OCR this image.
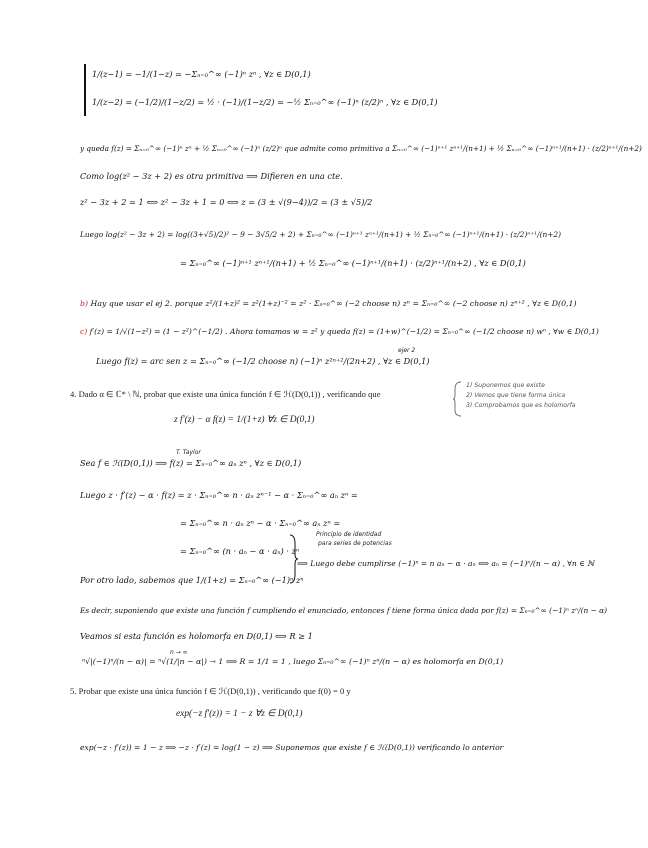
1/(z−1) = −1/(1−z) = −Σₙ₌₀^∞ (−1)ⁿ zⁿ , ∀z ∈ D(0,1)
1/(z−2) = (−1/2)/(1−z/2) = ½ · (−1)/(1−z/2) = −½ Σₙ₌₀^∞ (−1)ⁿ (z/2)ⁿ , ∀z ∈ D(0,1)
y queda f(z) = Σₙ₌₀^∞ (−1)ⁿ zⁿ + ½ Σₙ₌₀^∞ (−1)ⁿ (z/2)ⁿ que admite como primitiva a Σₙ₌₀^∞ (−1)ⁿ⁺¹ zⁿ⁺¹/(n+1) + ½ Σₙ₌₀^∞ (−1)ⁿ⁺¹/(n+1) · (z/2)ⁿ⁺¹/(n+2)
Como log(z² − 3z + 2) es otra primitiva ⟹ Difieren en una cte.
z² − 3z + 2 = 1 ⟺ z² − 3z + 1 = 0 ⟺ z = (3 ± √(9−4))/2 = (3 ± √5)/2
Luego log(z² − 3z + 2) = log((3+√5)/2)² − 9 − 3√5/2 + 2) + Σₙ₌₀^∞ (−1)ⁿ⁺¹ zⁿ⁺¹/(n+1) + ½ Σₙ₌₀^∞ (−1)ⁿ⁺¹/(n+1) · (z/2)ⁿ⁺¹/(n+2)
= Σₙ₌₀^∞ (−1)ⁿ⁺¹ zⁿ⁺¹/(n+1) + ½ Σₙ₌₀^∞ (−1)ⁿ⁺¹/(n+1) · (z/2)ⁿ⁺¹/(n+2) , ∀z ∈ D(0,1)
b) Hay que usar el ej 2. porque z²/(1+z)² = z²(1+z)⁻² = z² · Σₙ₌₀^∞ (−2 choose n) zⁿ = Σₙ₌₀^∞ (−2 choose n) zⁿ⁺² , ∀z ∈ D(0,1)
c) f′(z) = 1/√(1−z²) = (1 − z²)^(−1/2) . Ahora tomamos w = z² y queda f(z) = (1+w)^(−1/2) = Σₙ₌₀^∞ (−1/2 choose n) wⁿ , ∀w ∈ D(0,1)
Luego f(z) = arc sen z = Σₙ₌₀^∞ (−1/2 choose n) (−1)ⁿ z²ⁿ⁺²/(2n+2) , ∀z ∈ D(0,1)
ejer 2
4. Dado α ∈ ℂ* \ ℕ, probar que existe una única función f ∈ ℋ(D(0,1)) , verificando que
z f′(z) − α f(z) = 1/(1+z) ∀z ∈ D(0,1)
1) Suponemos que existe
2) Vemos que tiene forma única
3) Comprobamos que es holomorfa
Sea f ∈ ℋ(D(0,1)) ⟹ f(z) = Σₙ₌₀^∞ aₙ zⁿ , ∀z ∈ D(0,1)
T. Taylor
Luego z · f′(z) − α · f(z) = z · Σₙ₌₀^∞ n · aₙ zⁿ⁻¹ − α · Σₙ₌₀^∞ aₙ zⁿ =
= Σₙ₌₀^∞ n · aₙ zⁿ − α · Σₙ₌₀^∞ aₙ zⁿ =
= Σₙ₌₀^∞ (n · aₙ − α · aₙ) · zⁿ
Principio de identidad
para series de potencias
⟹ Luego debe cumplirse (−1)ⁿ = n aₙ − α · aₙ ⟺ aₙ = (−1)ⁿ/(n − α) , ∀n ∈ ℕ
Por otro lado, sabemos que 1/(1+z) = Σₙ₌₀^∞ (−1)ⁿ zⁿ
Es decir, suponiendo que existe una función f cumpliendo el enunciado, entonces f tiene forma única dada por f(z) = Σₙ₌₀^∞ (−1)ⁿ zⁿ/(n − α)
Veamos si esta función es holomorfa en D(0,1) ⟺ R ≥ 1
ⁿ√|(−1)ⁿ/(n − α)| = ⁿ√(1/|n − α|) → 1 ⟹ R = 1/1 = 1 , luego Σₙ₌₀^∞ (−1)ⁿ zⁿ/(n − α) es holomorfa en D(0,1)
n → ∞
5. Probar que existe una única función f ∈ ℋ(D(0,1)) , verificando que f(0) = 0 y
exp(−z f′(z)) = 1 − z ∀z ∈ D(0,1)
exp(−z · f′(z)) = 1 − z ⟹ −z · f′(z) = log(1 − z) ⟹ Suponemos que existe f ∈ ℋ(D(0,1)) verificando lo anterior
